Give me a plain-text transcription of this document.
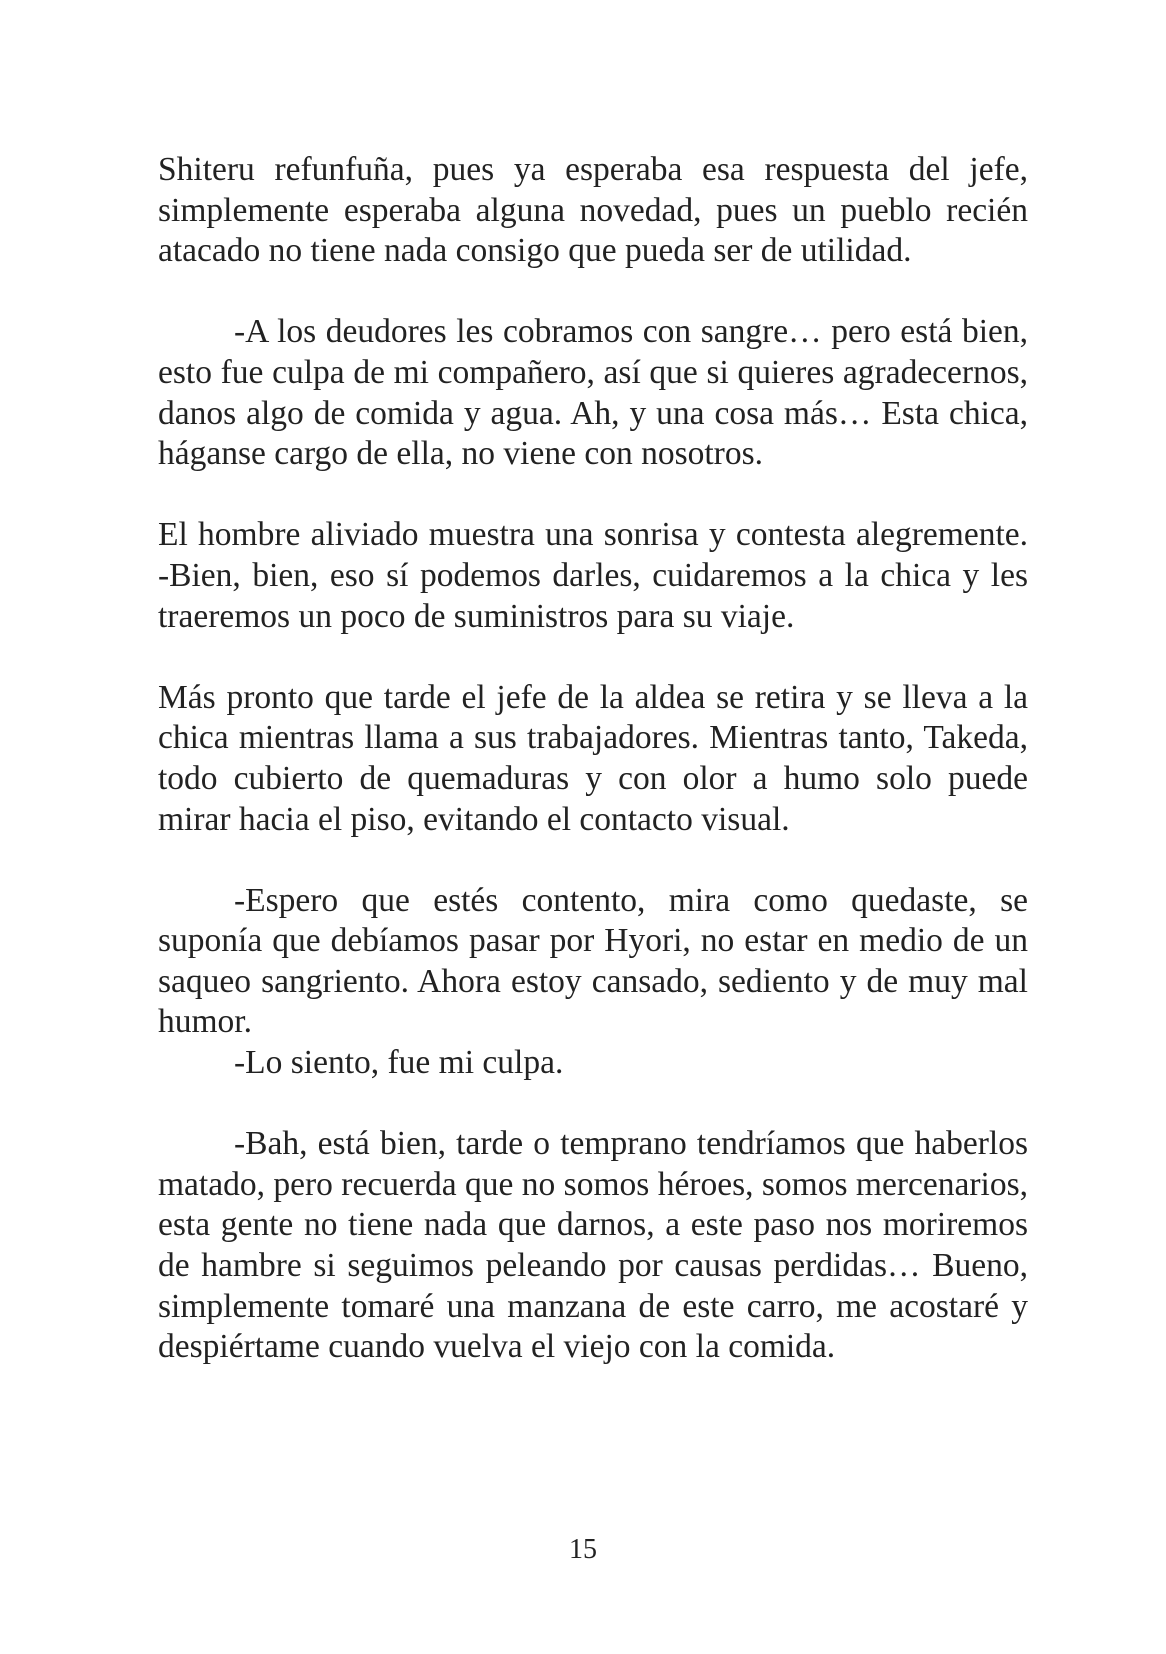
Shiteru refunfuña, pues ya esperaba esa respuesta del jefe, simplemente esperaba alguna novedad, pues un pueblo recién atacado no tiene nada consigo que pueda ser de utilidad.

-A los deudores les cobramos con sangre… pero está bien, esto fue culpa de mi compañero, así que si quieres agradecernos, danos algo de comida y agua. Ah, y una cosa más… Esta chica, háganse cargo de ella, no viene con nosotros.

El hombre aliviado muestra una sonrisa y contesta alegremente. -Bien, bien, eso sí podemos darles, cuidaremos a la chica y les traeremos un poco de suministros para su viaje.

Más pronto que tarde el jefe de la aldea se retira y se lleva a la chica mientras llama a sus trabajadores. Mientras tanto, Takeda, todo cubierto de quemaduras y con olor a humo solo puede mirar hacia el piso, evitando el contacto visual.

-Espero que estés contento, mira como quedaste, se suponía que debíamos pasar por Hyori, no estar en medio de un saqueo sangriento. Ahora estoy cansado, sediento y de muy mal humor.

-Lo siento, fue mi culpa.

-Bah, está bien, tarde o temprano tendríamos que haberlos matado, pero recuerda que no somos héroes, somos mercenarios, esta gente no tiene nada que darnos, a este paso nos moriremos de hambre si seguimos peleando por causas perdidas… Bueno, simplemente tomaré una manzana de este carro, me acostaré y despiértame cuando vuelva el viejo con la comida.

15
